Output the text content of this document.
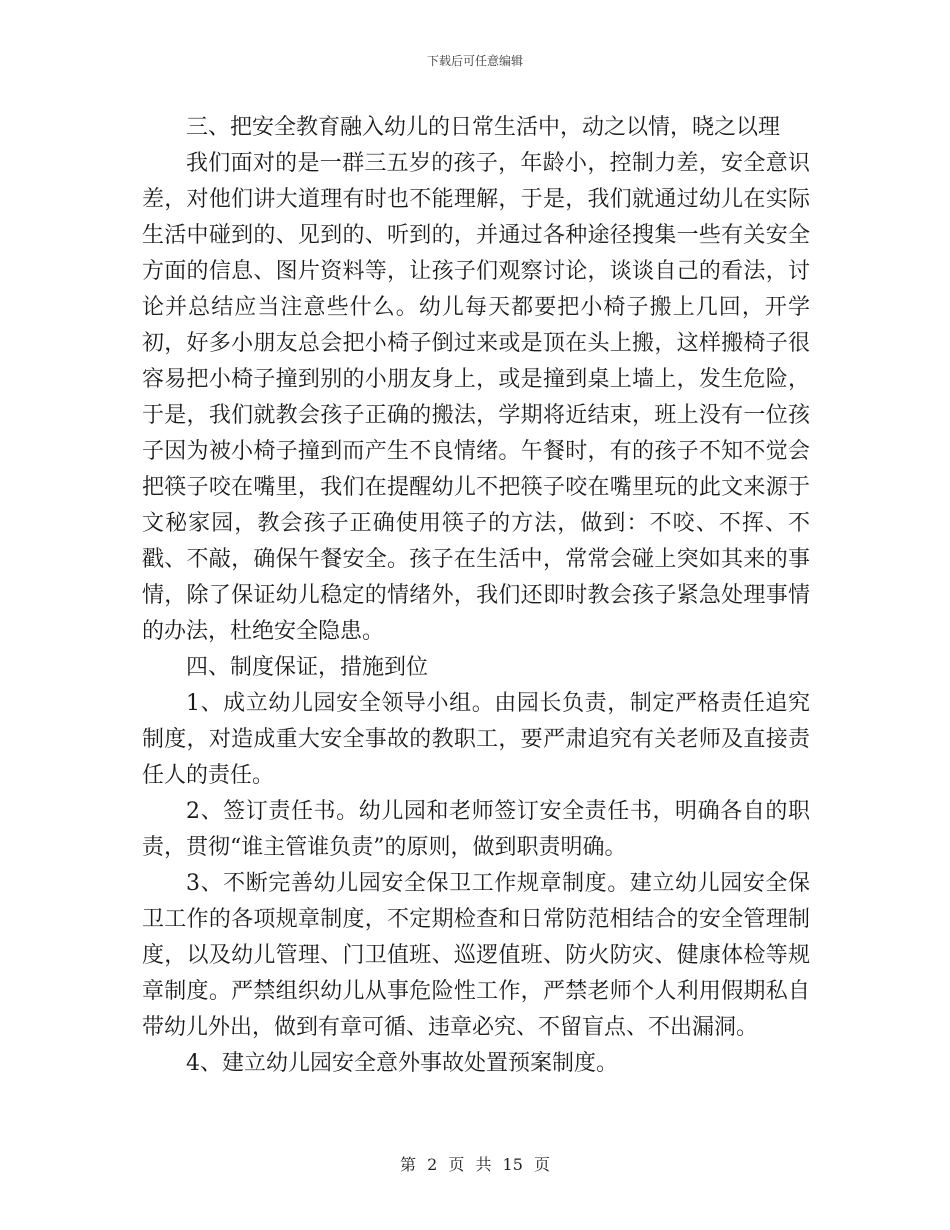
下载后可任意编辑

三、把安全教育融入幼儿的日常生活中，动之以情，晓之以理

我们面对的是一群三五岁的孩子，年龄小，控制力差，安全意识差，对他们讲大道理有时也不能理解，于是，我们就通过幼儿在实际生活中碰到的、见到的、听到的，并通过各种途径搜集一些有关安全方面的信息、图片资料等，让孩子们观察讨论，谈谈自己的看法，讨论并总结应当注意些什么。幼儿每天都要把小椅子搬上几回，开学初，好多小朋友总会把小椅子倒过来或是顶在头上搬，这样搬椅子很容易把小椅子撞到别的小朋友身上，或是撞到桌上墙上，发生危险，于是，我们就教会孩子正确的搬法，学期将近结束，班上没有一位孩子因为被小椅子撞到而产生不良情绪。午餐时，有的孩子不知不觉会把筷子咬在嘴里，我们在提醒幼儿不把筷子咬在嘴里玩的此文来源于文秘家园，教会孩子正确使用筷子的方法，做到：不咬、不挥、不戳、不敲，确保午餐安全。孩子在生活中，常常会碰上突如其来的事情，除了保证幼儿稳定的情绪外，我们还即时教会孩子紧急处理事情的办法，杜绝安全隐患。

四、制度保证，措施到位

1、成立幼儿园安全领导小组。由园长负责，制定严格责任追究制度，对造成重大安全事故的教职工，要严肃追究有关老师及直接责任人的责任。

2、签订责任书。幼儿园和老师签订安全责任书，明确各自的职责，贯彻“谁主管谁负责”的原则，做到职责明确。

3、不断完善幼儿园安全保卫工作规章制度。建立幼儿园安全保卫工作的各项规章制度，不定期检查和日常防范相结合的安全管理制度，以及幼儿管理、门卫值班、巡逻值班、防火防灾、健康体检等规章制度。严禁组织幼儿从事危险性工作，严禁老师个人利用假期私自带幼儿外出，做到有章可循、违章必究、不留盲点、不出漏洞。

4、建立幼儿园安全意外事故处置预案制度。

第 2 页 共 15 页
